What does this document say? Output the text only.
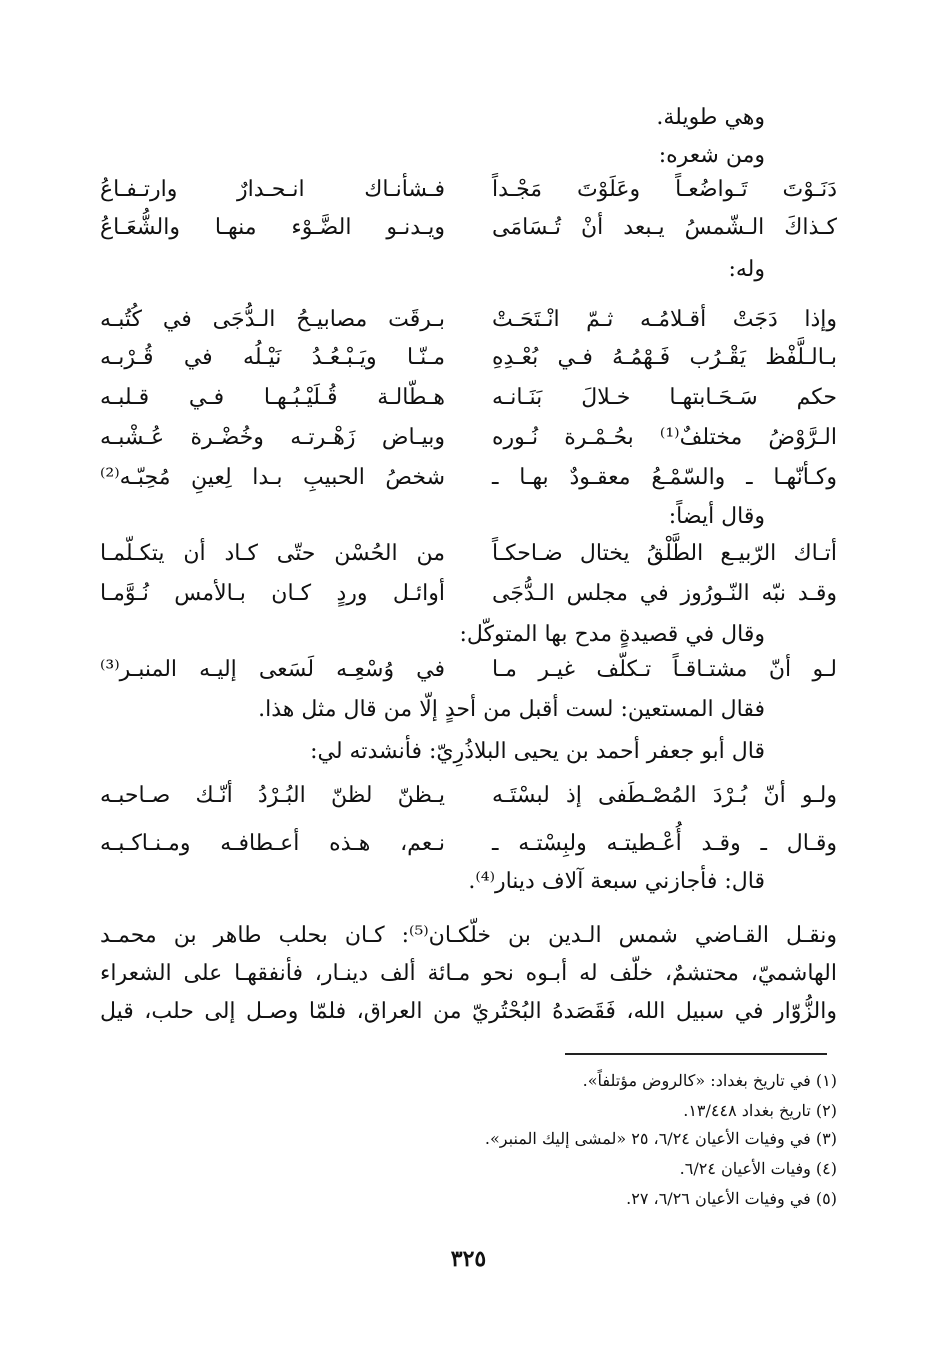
وهي طويلة.
ومن شعره:
دَنَـوْتَ تَـواضُعـاً وعَلَوْتَ مَجْـداً
فـشأنـاك انـحـدارٌ وارتـفـاعُ
كـذاكَ الـشّمسُ يـبعد أنْ تُـسَامَى
ويـدنـو الضَّـوْء منهـا والشُّعَـاعُ
وله:
وإذا دَجَتْ أقـلامُـه ثـمّ انْـتَحَـتْ
بـرقَت مصابيـحُ الـدُّجَى في كُتُبـه
بـالـلَّفْظ يَقْـرُب فَـهْمُـهُ فـي بُعْـدِهِ
مـنّـا ويَـبْـعُـدُ نَيْـلُه في قُـرْبـه
حكم سَـحَـابتهـا خـلالَ بَنَـانـه
هـطّالـة قُـلَيْـبُـهـا فـي قـلبـه
الـرَّوْضُ مختلفٌ⁽¹⁾ بحُـمْـرة نُـوره
وبيـاض زَهْـرتـه وخُضْـرة عُـشْبـه
وكـأنّهـا ـ والسّمْـعُ معقـودٌ بهـا ـ
شخصُ الحبيبِ بـدا لِعينِ مُحِبّـه⁽²⁾
وقال أيضاً:
أتـاك الرّبيـع الطَّلْقُ يختال ضـاحكـاً
من الحُسْن حتّى كـاد أن يتكـلّمـا
وقـد نبّه النّـورُوز في مجلس الـدُّجَى
أوائـل وردٍ كـان بـالأمس نُـوَّمـا
وقال في قصيدةٍ مدح بها المتوكّل:
لـو أنّ مشتـاقـاً تـكلّف غيـر مـا
في وُسْعِـه لَسَعى إليـه المنبـر⁽³⁾
فقال المستعين: لست أقبل من أحدٍ إلّا من قال مثل هذا.
قال أبو جعفر أحمد بن يحيى البلاذُرِيّ: فأنشدته لي:
ولـو أنّ بُـرْدَ المُصْـطَفى إذ لبسْتَـه
يـظنّ لظنّ البُـرْدُ أنّـك صـاحبـه
وقـال ـ وقـد أُعْـطيتـه ولبِسْتـه ـ
نـعم، هـذه أعـطافـه ومـنـاكـبـه
قال: فأجازني سبعة آلاف دينار⁽⁴⁾.
ونقـل القـاضي شمس الـدين بن خلّكـان⁽⁵⁾: كـان بحلب طاهر بن محمـد
الهاشميّ، محتشمٌ، خلّف له أبـوه نحو مـائة ألف دينـار، فأنفقهـا على الشعراء
والزُّوّار في سبيل الله، فَقَصَدهُ البُحْتُريّ من العراق، فلمّا وصـل إلى حلب، قيل
(١) في تاريخ بغداد: «كالروض مؤتلفاً».
(٢) تاريخ بغداد ١٣/٤٤٨.
(٣) في وفيات الأعيان ٦/٢٤، ٢٥ «لمشى إليك المنبر».
(٤) وفيات الأعيان ٦/٢٤.
(٥) في وفيات الأعيان ٦/٢٦، ٢٧.
٣٢٥
